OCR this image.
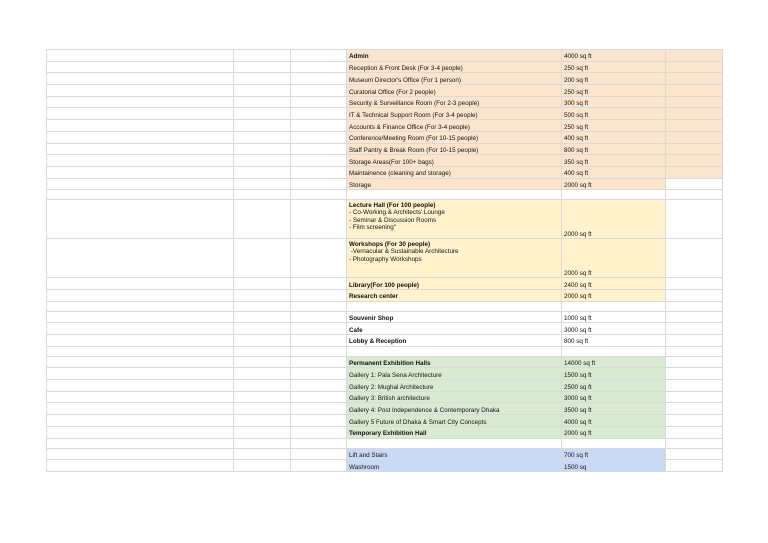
			Admin	4000 sq ft	
			Reception & Front Desk (For 3-4 people)	250 sq ft	
			Museum Director's Office (For 1 person)	200 sq ft	
			Curatorial Office (For 2 people)	250 sq ft	
			Security & Surveillance Room (For 2-3 people)	300 sq ft	
			IT & Technical Support Room (For 3-4 people)	500 sq ft	
			Accounts & Finance Office (For 3-4 people)	250 sq ft	
			Conference/Meeting Room (For 10-15 people)	400 sq ft	
			Staff Pantry & Break Room (For 10-15 people)	800 sq ft	
			Storage Areas(For 100+ bags)	350 sq ft	
			Maintainence (cleaning and storage)	400 sq ft	
			Storage	2000 sq ft	

			Lecture Hall (For 100 people)
- Co-Working & Architects' Lounge
- Seminar & Discussion Rooms
- Film screening"	2000 sq ft	
			Workshops (For 30 people)
-Vernacular & Sustainable Architecture
- Photography Workshops	2000 sq ft	
			Library(For 100 people)	2400 sq ft	
			Research center	2000 sq ft	

			Souvenir Shop	1000 sq ft	
			Cafe	3000 sq ft	
			Lobby & Reception	800 sq ft	

			Permanent Exhibition Halls	14000 sq ft	
			Gallery 1: Pala Sena Architecture	1500 sq ft	
			Gallery 2: Mughal Architecture	2500 sq ft	
			Gallery 3: British architecture	3000 sq ft	
			Gallery 4: Post Independence & Contemporary Dhaka	3500 sq ft	
			Gallery 5 Future of Dhaka & Smart City Concepts	4000 sq ft	
			Temporary Exhibition Hall	2000 sq ft	

			Lift and Stairs	700 sq ft	
			Washroom	1500 sq	
